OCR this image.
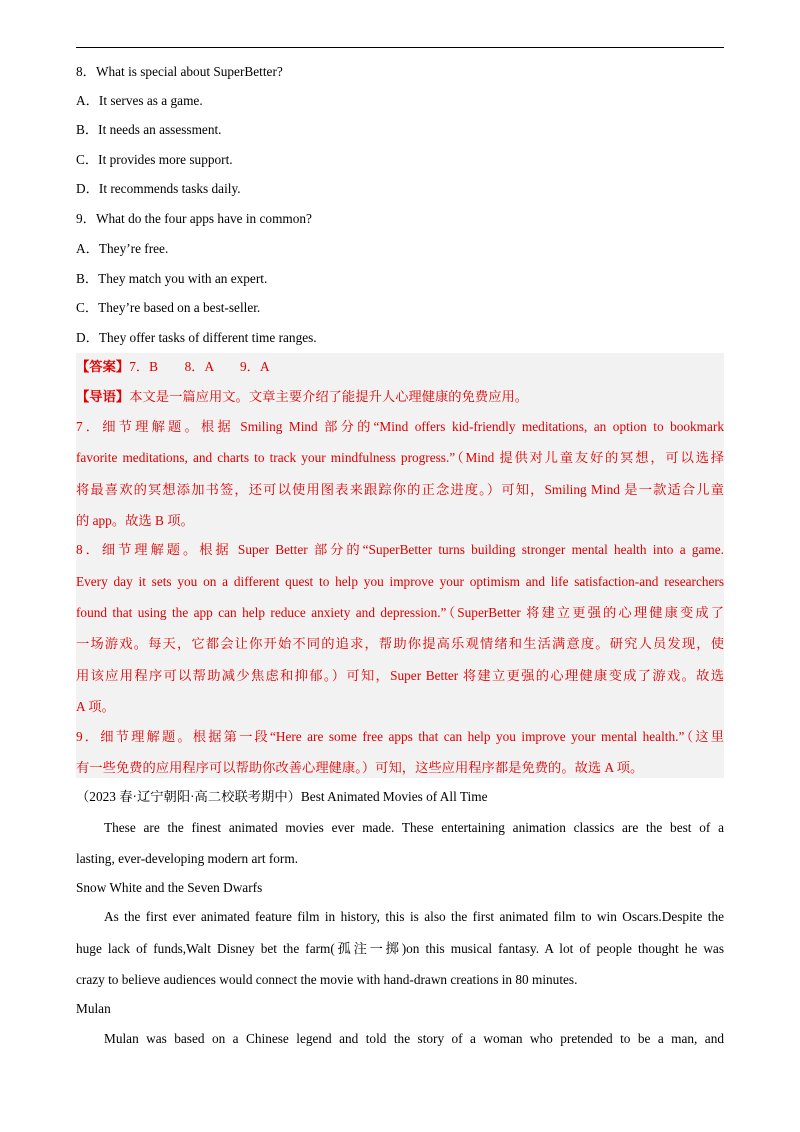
8．What is special about SuperBetter?
A．It serves as a game.
B．It needs an assessment.
C．It provides more support.
D．It recommends tasks daily.
9．What do the four apps have in common?
A．They’re free.
B．They match you with an expert.
C．They’re based on a best-seller.
D．They offer tasks of different time ranges.
【答案】7．B　　8．A　　9．A
【导语】本文是一篇应用文。文章主要介绍了能提升人心理健康的免费应用。
7．细节理解题。根据 Smiling Mind 部分的“Mind offers kid-friendly meditations, an option to bookmark
favorite meditations, and charts to track your mindfulness progress.”（Mind 提供对儿童友好的冥想，可以选择
将最喜欢的冥想添加书签，还可以使用图表来跟踪你的正念进度。）可知，Smiling Mind 是一款适合儿童
的 app。故选 B 项。
8．细节理解题。根据 Super Better 部分的“SuperBetter turns building stronger mental health into a game.
Every day it sets you on a different quest to help you improve your optimism and life satisfaction-and researchers
found that using the app can help reduce anxiety and depression.”（SuperBetter 将建立更强的心理健康变成了
一场游戏。每天，它都会让你开始不同的追求，帮助你提高乐观情绪和生活满意度。研究人员发现，使
用该应用程序可以帮助减少焦虑和抑郁。）可知，Super Better 将建立更强的心理健康变成了游戏。故选
A 项。
9．细节理解题。根据第一段“Here are some free apps that can help you improve your mental health.”（这里
有一些免费的应用程序可以帮助你改善心理健康。）可知，这些应用程序都是免费的。故选 A 项。
（2023 春·辽宁朝阳·高二校联考期中）Best Animated Movies of All Time
These are the finest animated movies ever made. These entertaining animation classics are the best of a
lasting, ever-developing modern art form.
Snow White and the Seven Dwarfs
As the first ever animated feature film in history, this is also the first animated film to win Oscars.Despite the
huge lack of funds,Walt Disney bet the farm(孤注一掷)on this musical fantasy. A lot of people thought he was
crazy to believe audiences would connect the movie with hand-drawn creations in 80 minutes.
Mulan
Mulan was based on a Chinese legend and told the story of a woman who pretended to be a man, and
